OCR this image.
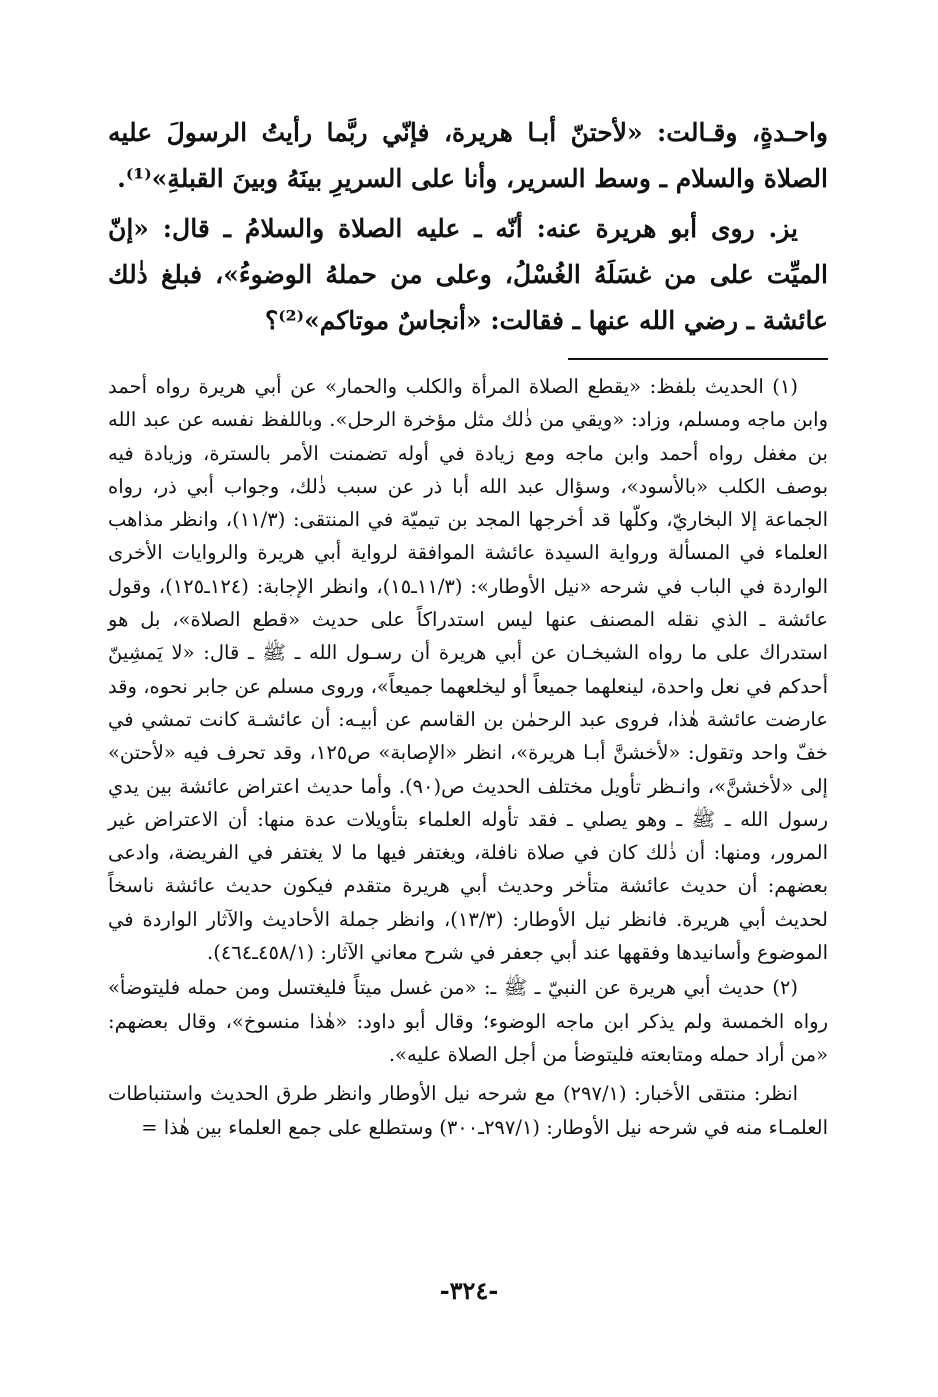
واحـدةٍ، وقـالت: «لأحتنّ أبـا هريرة، فإنّي ربَّما رأيتُ الرسولَ عليه الصلاة والسلام ـ وسط السرير، وأنا على السريرِ بينَهُ وبينَ القبلةِ»⁽¹⁾.

يز. روى أبو هريرة عنه: أنّه ـ عليه الصلاة والسلامُ ـ قال: «إنّ الميِّت على من غسَلَهُ الغُسْلُ، وعلى من حملهُ الوضوءُ»، فبلغ ذٰلك عائشة ـ رضي الله عنها ـ فقالت: «أنجاسٌ موتاكم»⁽²⁾؟

(١) الحديث بلفظ: «يقطع الصلاة المرأة والكلب والحمار» عن أبي هريرة رواه أحمد وابن ماجه ومسلم، وزاد: «ويقي من ذٰلك مثل مؤخرة الرحل». وباللفظ نفسه عن عبد الله بن مغفل رواه أحمد وابن ماجه ومع زيادة في أوله تضمنت الأمر بالسترة، وزيادة فيه بوصف الكلب «بالأسود»، وسؤال عبد الله أبا ذر عن سبب ذٰلك، وجواب أبي ذر، رواه الجماعة إلا البخاريّ، وكلّها قد أخرجها المجد بن تيميّة في المنتقى: (١١/٣)، وانظر مذاهب العلماء في المسألة ورواية السيدة عائشة الموافقة لرواية أبي هريرة والروايات الأخرى الواردة في الباب في شرحه «نيل الأوطار»: (١١/٣ـ١٥)، وانظر الإجابة: (١٢٤ـ١٢٥)، وقول عائشة ـ الذي نقله المصنف عنها ليس استدراكاً على حديث «قطع الصلاة»، بل هو استدراك على ما رواه الشيخـان عن أبي هريرة أن رسـول الله ـ ﷺ ـ قال: «لا يَمشِينّ أحدكم في نعل واحدة، لينعلهما جميعاً أو ليخلعهما جميعاً»، وروى مسلم عن جابر نحوه، وقد عارضت عائشة هٰذا، فروى عبد الرحمٰن بن القاسم عن أبيـه: أن عائشـة كانت تمشي في خفّ واحد وتقول: «لأخشنَّ أبـا هريرة»، انظر «الإصابة» ص١٢٥، وقد تحرف فيه «لأحتن» إلى «لأخشنَّ»، وانـظر تأويل مختلف الحديث ص(٩٠). وأما حديث اعتراض عائشة بين يدي رسول الله ـ ﷺ ـ وهو يصلي ـ فقد تأوله العلماء بتأويلات عدة منها: أن الاعتراض غير المرور، ومنها: أن ذٰلك كان في صلاة نافلة، ويغتفر فيها ما لا يغتفر في الفريضة، وادعى بعضهم: أن حديث عائشة متأخر وحديث أبي هريرة متقدم فيكون حديث عائشة ناسخاً لحديث أبي هريرة. فانظر نيل الأوطار: (١٣/٣)، وانظر جملة الأحاديث والآثار الواردة في الموضوع وأسانيدها وفقهها عند أبي جعفر في شرح معاني الآثار: (٤٥٨/١ـ٤٦٤).

(٢) حديث أبي هريرة عن النبيّ ـ ﷺ ـ: «من غسل ميتاً فليغتسل ومن حمله فليتوضأ» رواه الخمسة ولم يذكر ابن ماجه الوضوء؛ وقال أبو داود: «هٰذا منسوخ»، وقال بعضهم: «من أراد حمله ومتابعته فليتوضأ من أجل الصلاة عليه».

انظر: منتقى الأخبار: (٢٩٧/١) مع شرحه نيل الأوطار وانظر طرق الحديث واستنباطات العلمـاء منه في شرحه نيل الأوطار: (٢٩٧/١ـ٣٠٠) وستطلع على جمع العلماء بين هٰذا =

-٣٢٤-
